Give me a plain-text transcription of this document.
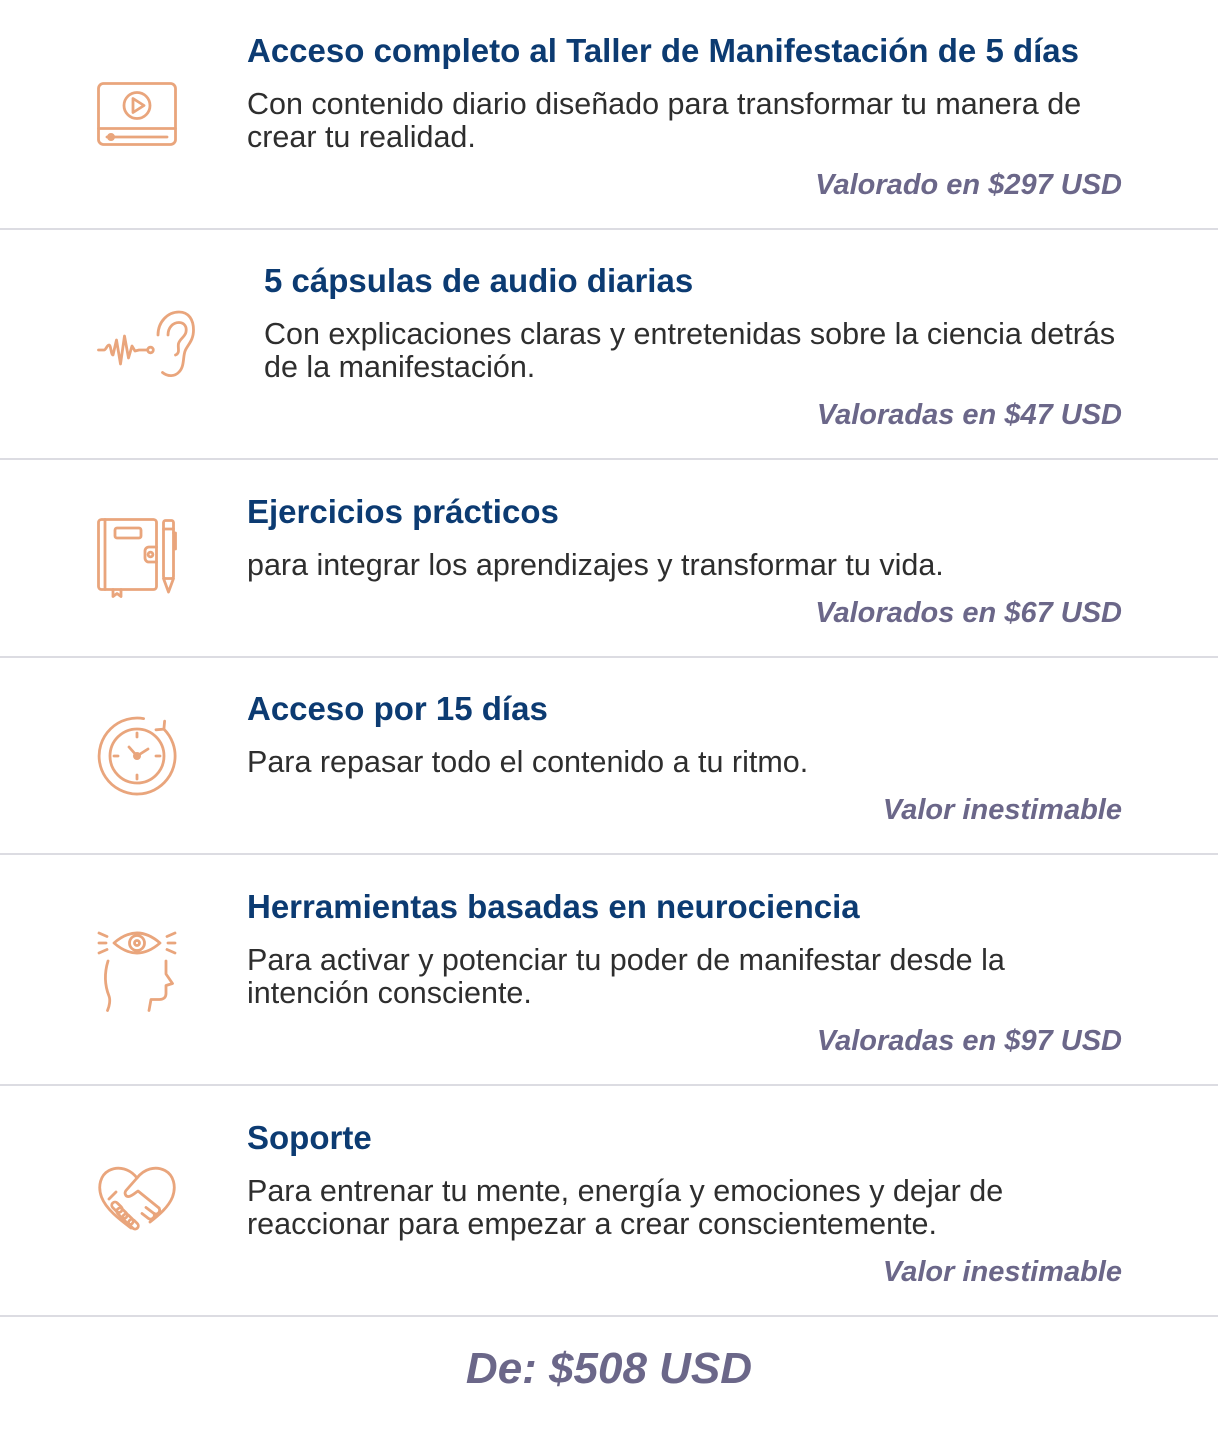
Acceso completo al Taller de Manifestación de 5 días
Con contenido diario diseñado para transformar tu manera de
crear tu realidad.
Valorado en $297 USD
5 cápsulas de audio diarias
Con explicaciones claras y entretenidas sobre la ciencia detrás
de la manifestación.
Valoradas en $47 USD
Ejercicios prácticos
para integrar los aprendizajes y transformar tu vida.
Valorados en $67 USD
Acceso por 15 días
Para repasar todo el contenido a tu ritmo.
Valor inestimable
Herramientas basadas en neurociencia
Para activar y potenciar tu poder de manifestar desde la
intención consciente.
Valoradas en $97 USD
Soporte
Para entrenar tu mente, energía y emociones y dejar de
reaccionar para empezar a crear conscientemente.
Valor inestimable
De: $508 USD
